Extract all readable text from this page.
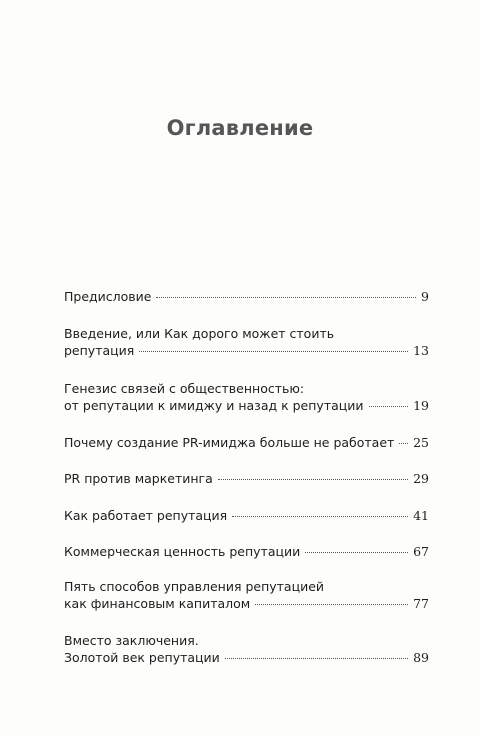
Оглавление
Предисловие	9
Введение, или Как дорого может стоить
репутация	13
Генезис связей с общественностью:
от репутации к имиджу и назад к репутации	19
Почему создание PR-имиджа больше не работает 25
PR против маркетинга	29
Как работает репутация	41
Коммерческая ценность репутации	67
Пять способов управления репутацией
как финансовым капиталом	77
Вместо заключения.
Золотой век репутации	89
